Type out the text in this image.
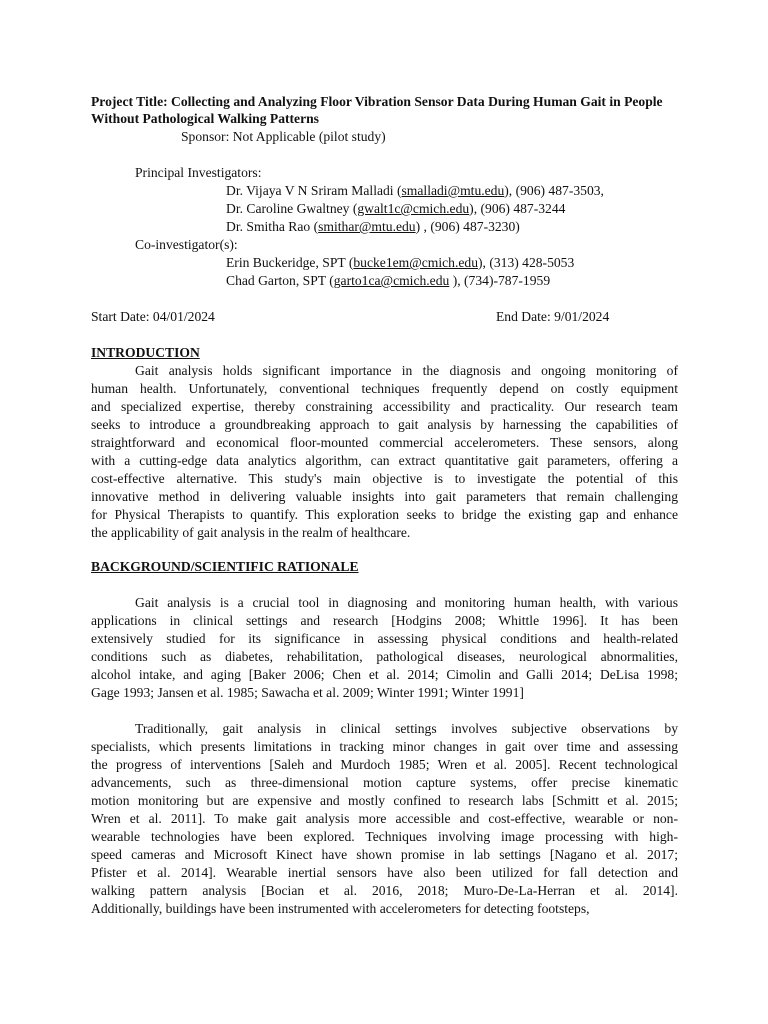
Project Title: Collecting and Analyzing Floor Vibration Sensor Data During Human Gait in People Without Pathological Walking Patterns
Sponsor: Not Applicable (pilot study)
Principal Investigators:
Dr. Vijaya V N Sriram Malladi (smalladi@mtu.edu), (906) 487-3503,
Dr. Caroline Gwaltney (gwalt1c@cmich.edu), (906) 487-3244
Dr. Smitha Rao (smithar@mtu.edu) , (906) 487-3230)
Co-investigator(s):
Erin Buckeridge, SPT (bucke1em@cmich.edu), (313) 428-5053
Chad Garton, SPT (garto1ca@cmich.edu ), (734)-787-1959
Start Date: 04/01/2024	End Date: 9/01/2024
INTRODUCTION
Gait analysis holds significant importance in the diagnosis and ongoing monitoring of
human health. Unfortunately, conventional techniques frequently depend on costly equipment
and specialized expertise, thereby constraining accessibility and practicality. Our research team
seeks to introduce a groundbreaking approach to gait analysis by harnessing the capabilities of
straightforward and economical floor-mounted commercial accelerometers. These sensors, along
with a cutting-edge data analytics algorithm, can extract quantitative gait parameters, offering a
cost-effective alternative. This study's main objective is to investigate the potential of this
innovative method in delivering valuable insights into gait parameters that remain challenging
for Physical Therapists to quantify. This exploration seeks to bridge the existing gap and enhance
the applicability of gait analysis in the realm of healthcare.
BACKGROUND/SCIENTIFIC RATIONALE
Gait analysis is a crucial tool in diagnosing and monitoring human health, with various
applications in clinical settings and research [Hodgins 2008; Whittle 1996]. It has been
extensively studied for its significance in assessing physical conditions and health-related
conditions such as diabetes, rehabilitation, pathological diseases, neurological abnormalities,
alcohol intake, and aging [Baker 2006; Chen et al. 2014; Cimolin and Galli 2014; DeLisa 1998;
Gage 1993; Jansen et al. 1985; Sawacha et al. 2009; Winter 1991; Winter 1991]
Traditionally, gait analysis in clinical settings involves subjective observations by
specialists, which presents limitations in tracking minor changes in gait over time and assessing
the progress of interventions [Saleh and Murdoch 1985; Wren et al. 2005]. Recent technological
advancements, such as three-dimensional motion capture systems, offer precise kinematic
motion monitoring but are expensive and mostly confined to research labs [Schmitt et al. 2015;
Wren et al. 2011]. To make gait analysis more accessible and cost-effective, wearable or non-
wearable technologies have been explored. Techniques involving image processing with high-
speed cameras and Microsoft Kinect have shown promise in lab settings [Nagano et al. 2017;
Pfister et al. 2014]. Wearable inertial sensors have also been utilized for fall detection and
walking pattern analysis [Bocian et al. 2016, 2018; Muro-De-La-Herran et al. 2014].
Additionally, buildings have been instrumented with accelerometers for detecting footsteps,
